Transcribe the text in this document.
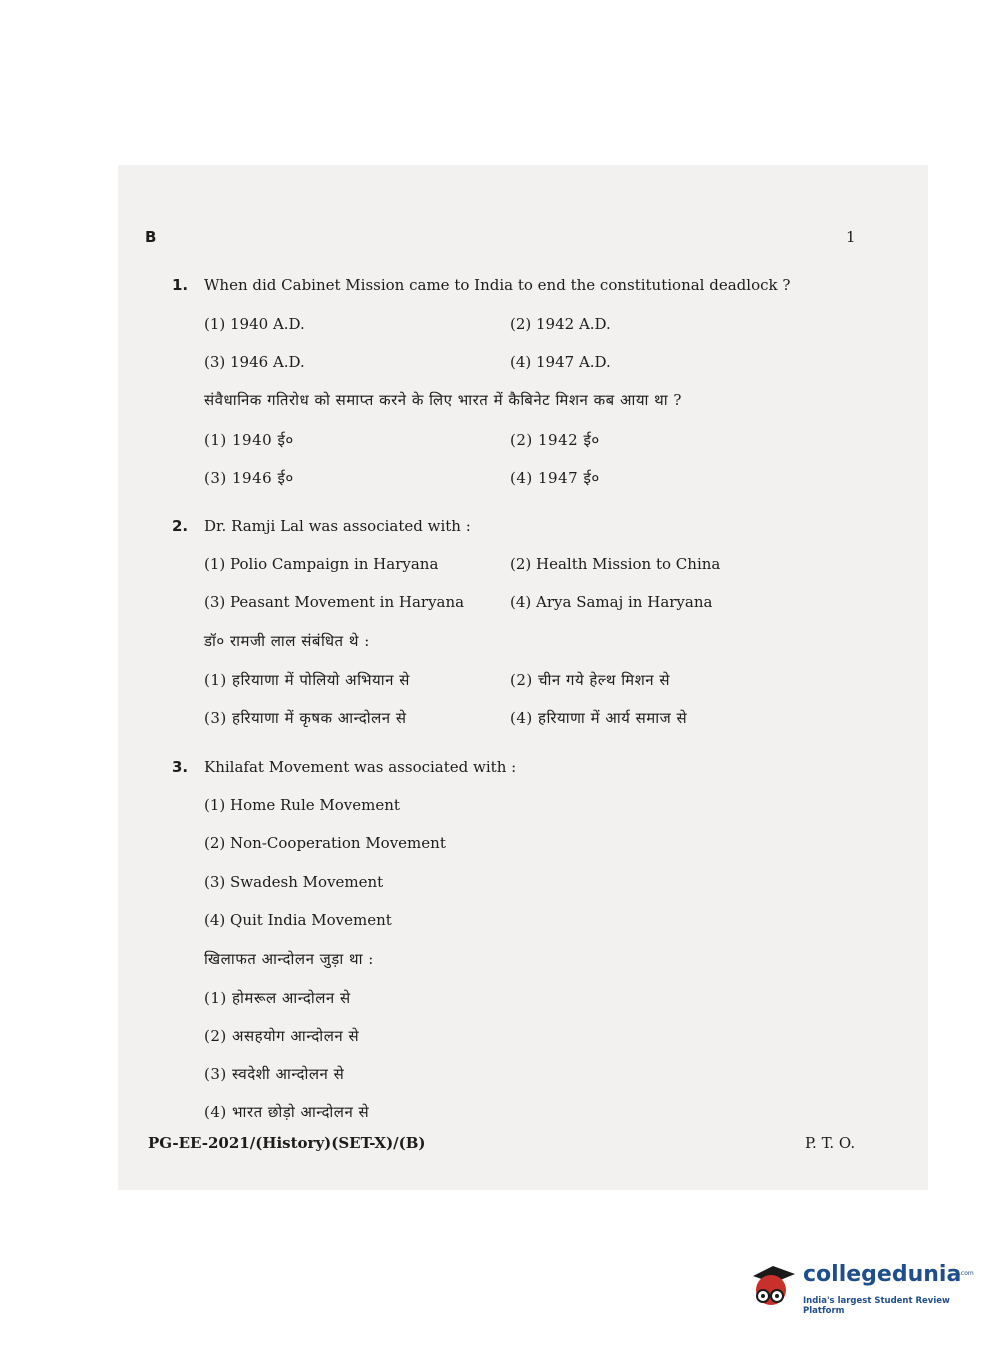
B	1
1. When did Cabinet Mission came to India to end the constitutional deadlock ?
(1) 1940 A.D.	(2) 1942 A.D.
(3) 1946 A.D.	(4) 1947 A.D.
संवैधानिक गतिरोध को समाप्त करने के लिए भारत में कैबिनेट मिशन कब आया था ?
(1) 1940 ई०	(2) 1942 ई०
(3) 1946 ई०	(4) 1947 ई०
2. Dr. Ramji Lal was associated with :
(1) Polio Campaign in Haryana	(2) Health Mission to China
(3) Peasant Movement in Haryana	(4) Arya Samaj in Haryana
डॉ० रामजी लाल संबंधित थे :
(1) हरियाणा में पोलियो अभियान से	(2) चीन गये हेल्थ मिशन से
(3) हरियाणा में कृषक आन्दोलन से	(4) हरियाणा में आर्य समाज से
3. Khilafat Movement was associated with :
(1) Home Rule Movement
(2) Non-Cooperation Movement
(3) Swadesh Movement
(4) Quit India Movement
खिलाफत आन्दोलन जुड़ा था :
(1) होमरूल आन्दोलन से
(2) असहयोग आन्दोलन से
(3) स्वदेशी आन्दोलन से
(4) भारत छोड़ो आन्दोलन से
PG-EE-2021/(History)(SET-X)/(B)	P. T. O.
collegedunia
.com
India's largest Student Review Platform
